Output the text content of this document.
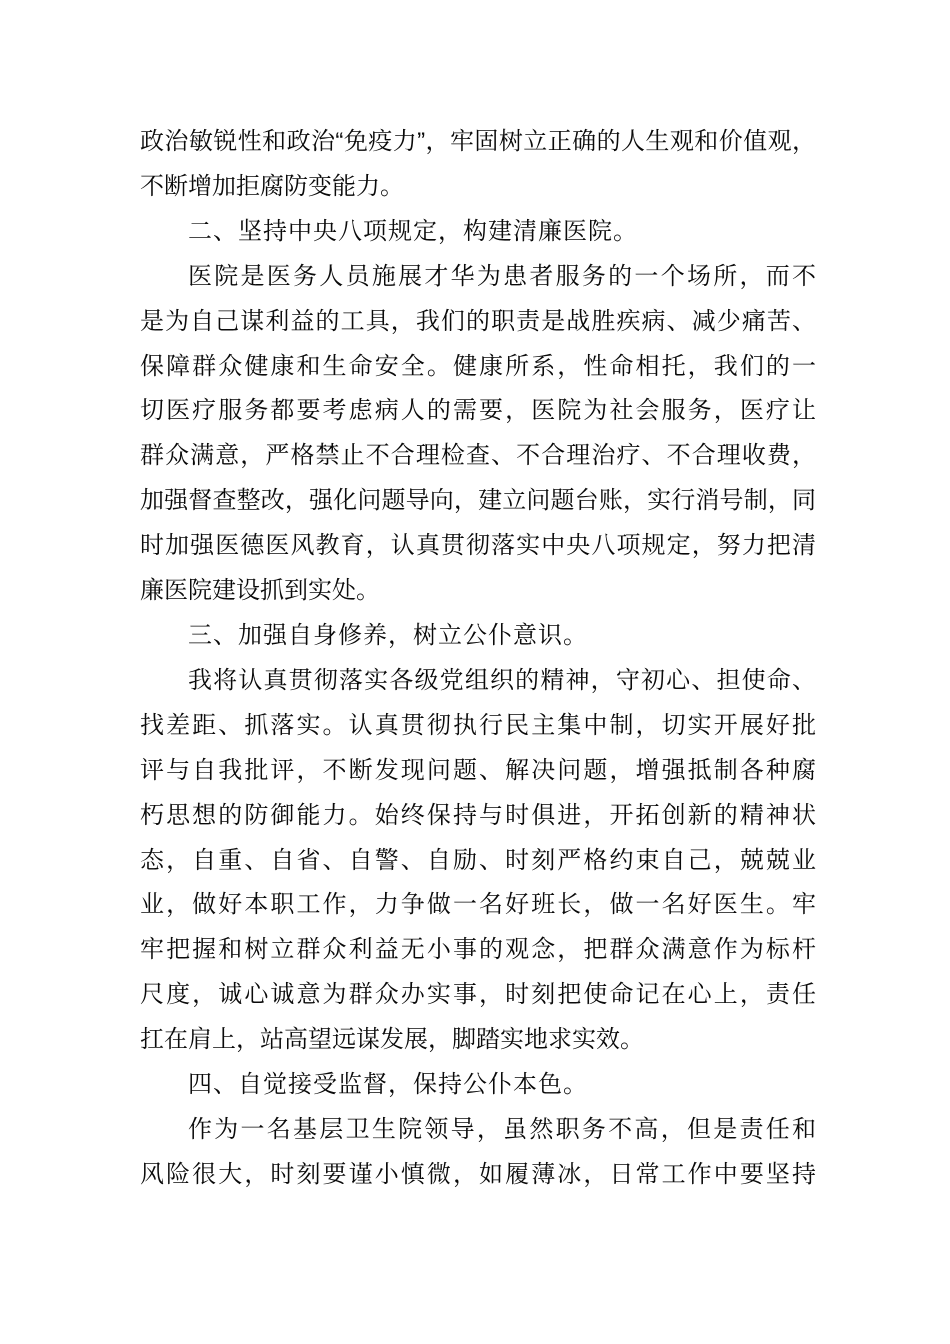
政治敏锐性和政治“免疫力”，牢固树立正确的人生观和价值观，
不断增加拒腐防变能力。
二、坚持中央八项规定，构建清廉医院。
医院是医务人员施展才华为患者服务的一个场所，而不
是为自己谋利益的工具，我们的职责是战胜疾病、减少痛苦、
保障群众健康和生命安全。健康所系，性命相托，我们的一
切医疗服务都要考虑病人的需要，医院为社会服务，医疗让
群众满意，严格禁止不合理检查、不合理治疗、不合理收费，
加强督查整改，强化问题导向，建立问题台账，实行消号制，同
时加强医德医风教育，认真贯彻落实中央八项规定，努力把清
廉医院建设抓到实处。
三、加强自身修养，树立公仆意识。
我将认真贯彻落实各级党组织的精神，守初心、担使命、
找差距、抓落实。认真贯彻执行民主集中制，切实开展好批
评与自我批评，不断发现问题、解决问题，增强抵制各种腐
朽思想的防御能力。始终保持与时俱进，开拓创新的精神状
态，自重、自省、自警、自励、时刻严格约束自己，兢兢业
业，做好本职工作，力争做一名好班长，做一名好医生。牢
牢把握和树立群众利益无小事的观念，把群众满意作为标杆
尺度，诚心诚意为群众办实事，时刻把使命记在心上，责任
扛在肩上，站高望远谋发展，脚踏实地求实效。
四、自觉接受监督，保持公仆本色。
作为一名基层卫生院领导，虽然职务不高，但是责任和
风险很大，时刻要谨小慎微，如履薄冰，日常工作中要坚持
